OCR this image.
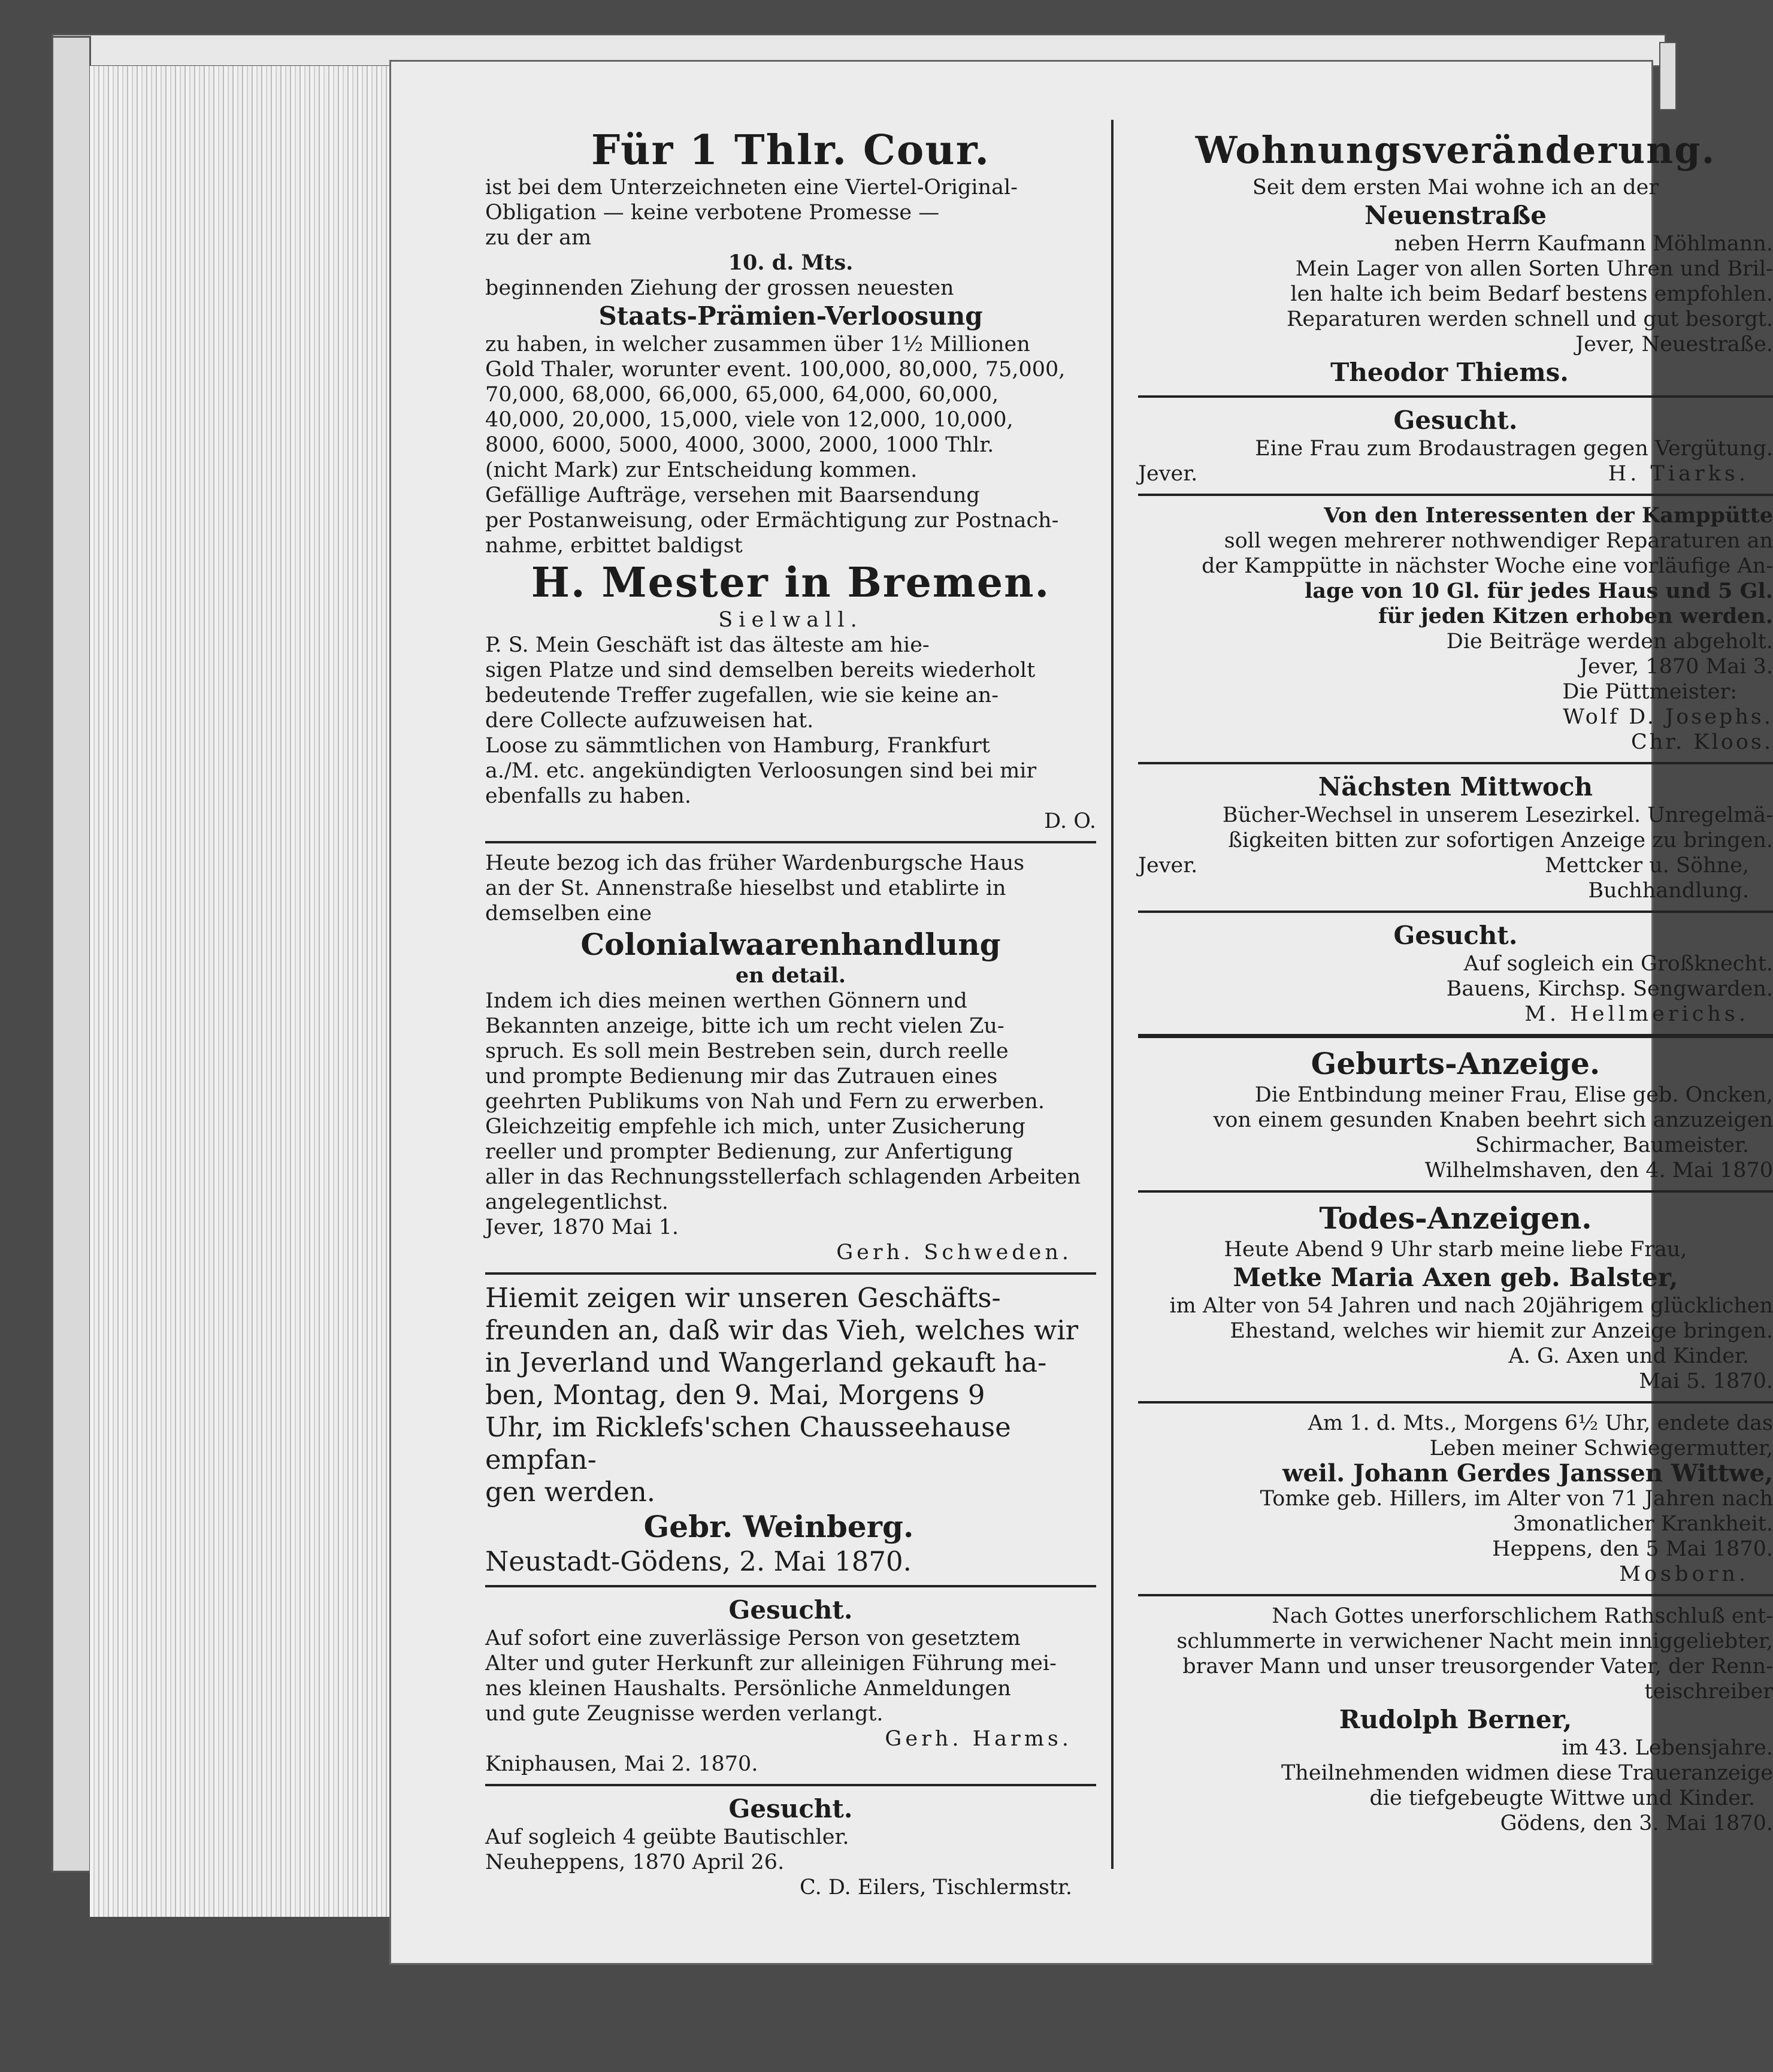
Für 1 Thlr. Cour.
ist bei dem Unterzeichneten eine Viertel-Original-
Obligation — keine verbotene Promesse —
zu der am
10. d. Mts.
beginnenden Ziehung der grossen neuesten
Staats-Prämien-Verloosung
zu haben, in welcher zusammen über 1½ Millionen
Gold Thaler, worunter event. 100,000, 80,000, 75,000,
70,000, 68,000, 66,000, 65,000, 64,000, 60,000,
40,000, 20,000, 15,000, viele von 12,000, 10,000,
8000, 6000, 5000, 4000, 3000, 2000, 1000 Thlr.
(nicht Mark) zur Entscheidung kommen.
Gefällige Aufträge, versehen mit Baarsendung
per Postanweisung, oder Ermächtigung zur Postnach-
nahme, erbittet baldigst
H. Mester in Bremen.
Sielwall.
P. S. Mein Geschäft ist das älteste am hie-
sigen Platze und sind demselben bereits wiederholt
bedeutende Treffer zugefallen, wie sie keine an-
dere Collecte aufzuweisen hat.
Loose zu sämmtlichen von Hamburg, Frankfurt
a./M. etc. angekündigten Verloosungen sind bei mir
ebenfalls zu haben.
D. O.
Heute bezog ich das früher Wardenburgsche Haus
an der St. Annenstraße hieselbst und etablirte in
demselben eine
Colonialwaarenhandlung
en detail.
Indem ich dies meinen werthen Gönnern und
Bekannten anzeige, bitte ich um recht vielen Zu-
spruch. Es soll mein Bestreben sein, durch reelle
und prompte Bedienung mir das Zutrauen eines
geehrten Publikums von Nah und Fern zu erwerben.
Gleichzeitig empfehle ich mich, unter Zusicherung
reeller und prompter Bedienung, zur Anfertigung
aller in das Rechnungsstellerfach schlagenden Arbeiten
angelegentlichst.
Jever, 1870 Mai 1.
Gerh. Schweden.
Hiemit zeigen wir unseren Geschäfts-
freunden an, daß wir das Vieh, welches wir
in Jeverland und Wangerland gekauft ha-
ben, Montag, den 9. Mai, Morgens 9
Uhr, im Ricklefs'schen Chausseehause empfan-
gen werden.
Gebr. Weinberg.
Neustadt-Gödens, 2. Mai 1870.
Gesucht.
Auf sofort eine zuverlässige Person von gesetztem
Alter und guter Herkunft zur alleinigen Führung mei-
nes kleinen Haushalts. Persönliche Anmeldungen
und gute Zeugnisse werden verlangt.
Gerh. Harms.
Kniphausen, Mai 2. 1870.
Gesucht.
Auf sogleich 4 geübte Bautischler.
Neuheppens, 1870 April 26.
C. D. Eilers, Tischlermstr.
Wohnungsveränderung.
Seit dem ersten Mai wohne ich an der
Neuenstraße
neben Herrn Kaufmann Möhlmann.
Mein Lager von allen Sorten Uhren und Bril-
len halte ich beim Bedarf bestens empfohlen.
Reparaturen werden schnell und gut besorgt.
Jever, Neuestraße.
Theodor Thiems.
Gesucht.
Eine Frau zum Brodaustragen gegen Vergütung.
Jever.	H. Tiarks.
Von den Interessenten der Kamppütte
soll wegen mehrerer nothwendiger Reparaturen an
der Kamppütte in nächster Woche eine vorläufige An-
lage von 10 Gl. für jedes Haus und 5 Gl.
für jeden Kitzen erhoben werden.
Die Beiträge werden abgeholt.
Jever, 1870 Mai 3.
Die Püttmeister:
Wolf D. Josephs.
Chr. Kloos.
Nächsten Mittwoch
Bücher-Wechsel in unserem Lesezirkel. Unregelmä-
ßigkeiten bitten zur sofortigen Anzeige zu bringen.
Jever.	Mettcker u. Söhne,
Buchhandlung.
Gesucht.
Auf sogleich ein Großknecht.
Bauens, Kirchsp. Sengwarden.
M. Hellmerichs.
Geburts-Anzeige.
Die Entbindung meiner Frau, Elise geb. Oncken,
von einem gesunden Knaben beehrt sich anzuzeigen
Schirmacher, Baumeister.
Wilhelmshaven, den 4. Mai 1870
Todes-Anzeigen.
Heute Abend 9 Uhr starb meine liebe Frau,
Metke Maria Axen geb. Balster,
im Alter von 54 Jahren und nach 20jährigem glücklichen
Ehestand, welches wir hiemit zur Anzeige bringen.
A. G. Axen und Kinder.
Mai 5. 1870.
Am 1. d. Mts., Morgens 6½ Uhr, endete das
Leben meiner Schwiegermutter,
weil. Johann Gerdes Janssen Wittwe,
Tomke geb. Hillers, im Alter von 71 Jahren nach
3monatlicher Krankheit.
Heppens, den 5 Mai 1870.
Mosborn.
Nach Gottes unerforschlichem Rathschluß ent-
schlummerte in verwichener Nacht mein inniggeliebter,
braver Mann und unser treusorgender Vater, der Renn-
teischreiber
Rudolph Berner,
im 43. Lebensjahre.
Theilnehmenden widmen diese Traueranzeige
die tiefgebeugte Wittwe und Kinder.
Gödens, den 3. Mai 1870.
